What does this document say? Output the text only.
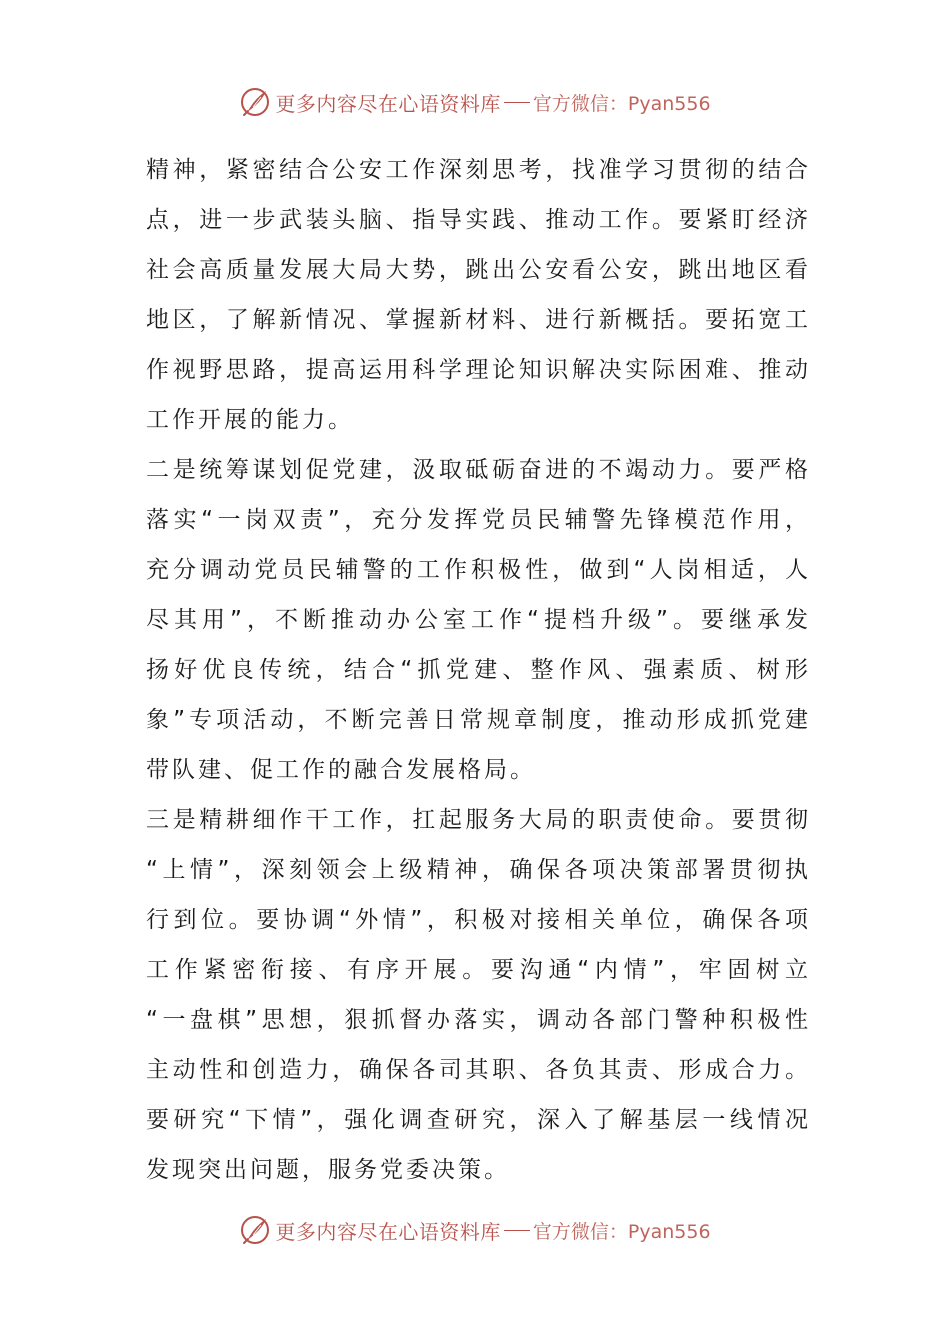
更多内容尽在心语资料库 官方微信：Pyan556
精神，紧密结合公安工作深刻思考，找准学习贯彻的结合
点，进一步武装头脑、指导实践、推动工作。要紧盯经济
社会高质量发展大局大势，跳出公安看公安，跳出地区看
地区，了解新情况、掌握新材料、进行新概括。要拓宽工
作视野思路，提高运用科学理论知识解决实际困难、推动
工作开展的能力。
二是统筹谋划促党建，汲取砥砺奋进的不竭动力。要严格
落实“一岗双责”，充分发挥党员民辅警先锋模范作用，
充分调动党员民辅警的工作积极性，做到“人岗相适，人
尽其用”，不断推动办公室工作“提档升级”。要继承发
扬好优良传统，结合“抓党建、整作风、强素质、树形
象”专项活动，不断完善日常规章制度，推动形成抓党建
带队建、促工作的融合发展格局。
三是精耕细作干工作，扛起服务大局的职责使命。要贯彻
“上情”，深刻领会上级精神，确保各项决策部署贯彻执
行到位。要协调“外情”，积极对接相关单位，确保各项
工作紧密衔接、有序开展。要沟通“内情”，牢固树立
“一盘棋”思想，狠抓督办落实，调动各部门警种积极性
主动性和创造力，确保各司其职、各负其责、形成合力。
要研究“下情”，强化调查研究，深入了解基层一线情况
发现突出问题，服务党委决策。
更多内容尽在心语资料库 官方微信：Pyan556
